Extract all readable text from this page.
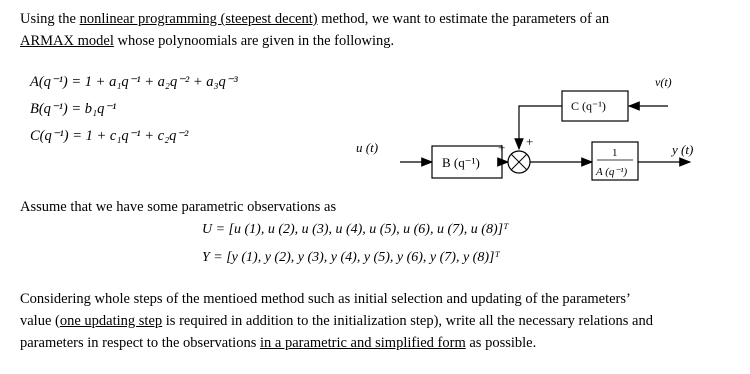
Using the nonlinear programming (steepest decent) method, we want to estimate the parameters of an
ARMAX model whose polynoomials are given in the following.

A(q⁻¹) = 1 + a₁q⁻¹ + a₂q⁻² + a₃q⁻³
B(q⁻¹) = b₁q⁻¹
C(q⁻¹) = 1 + c₁q⁻¹ + c₂q⁻²
u (t)
B (q⁻¹)
+ +
C (q⁻¹)
v(t)
1
A (q⁻¹)
y (t)

Assume that we have some parametric observations as

U = [u (1), u (2), u (3), u (4), u (5), u (6), u (7), u (8)]ᵀ
Y = [y (1), y (2), y (3), y (4), y (5), y (6), y (7), y (8)]ᵀ

Considering whole steps of the mentioed method such as initial selection and updating of the parameters’
value (one updating step is required in addition to the initialization step), write all the necessary relations and
parameters in respect to the observations in a parametric and simplified form as possible.
